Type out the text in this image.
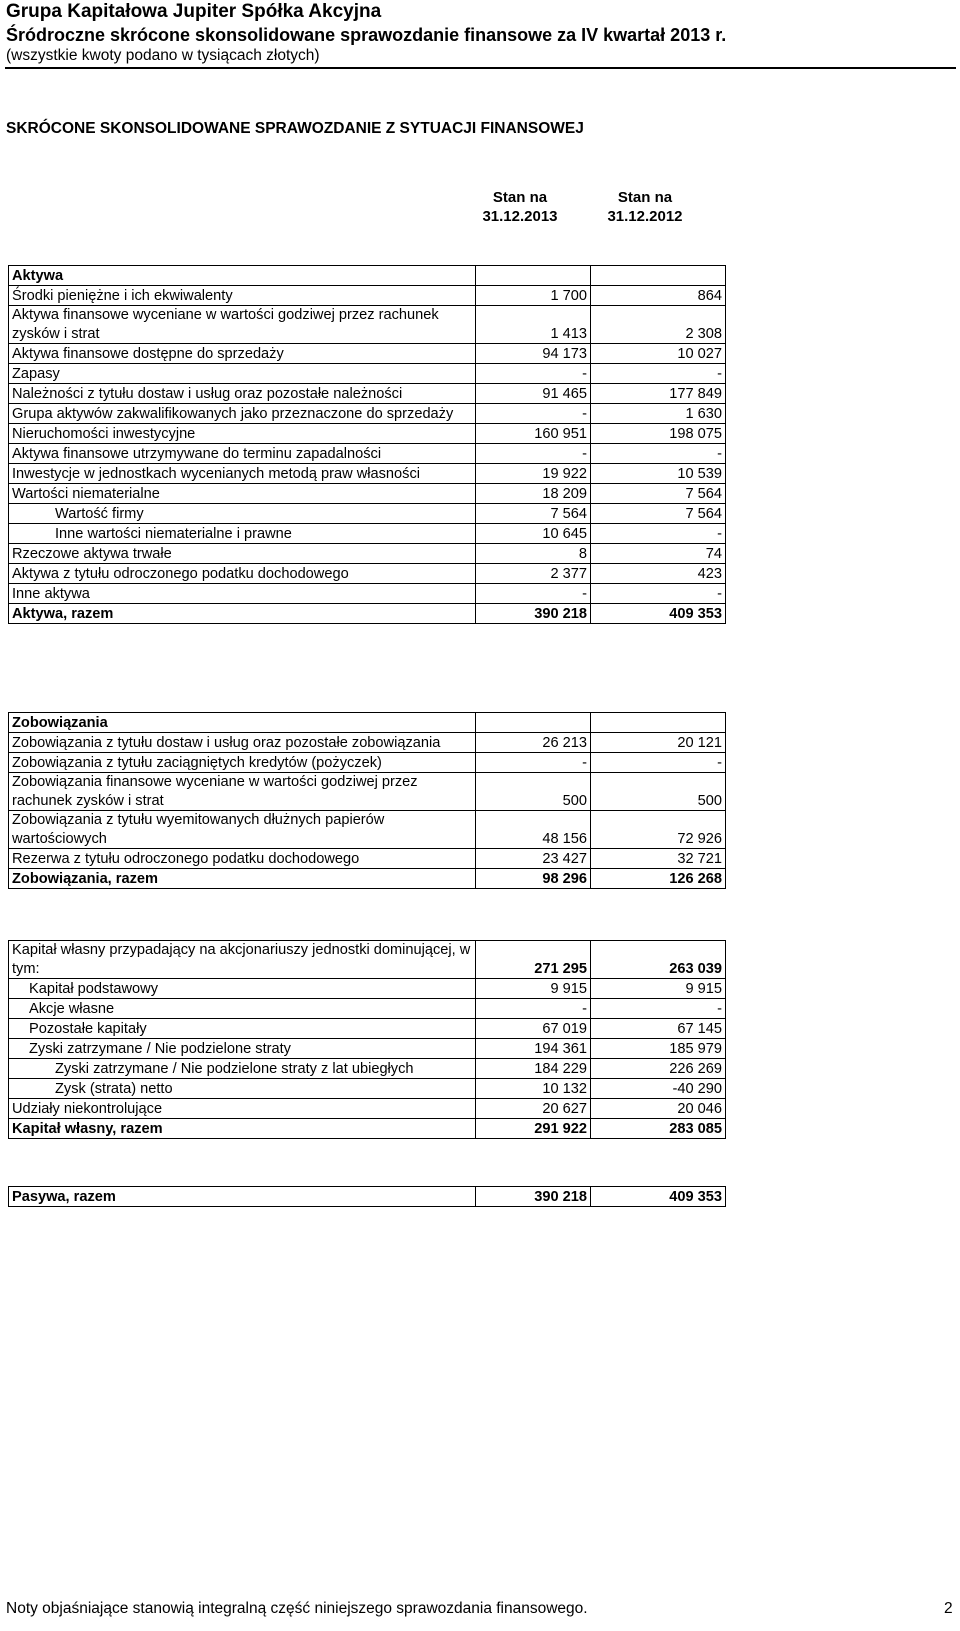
Grupa Kapitałowa Jupiter Spółka Akcyjna
Śródroczne skrócone skonsolidowane sprawozdanie finansowe za IV kwartał 2013 r.
(wszystkie kwoty podano w tysiącach złotych)
SKRÓCONE SKONSOLIDOWANE SPRAWOZDANIE Z SYTUACJI FINANSOWEJ
Stan na
31.12.2013
Stan na
31.12.2012
Aktywa		
Środki pieniężne i ich ekwiwalenty	1 700	864
Aktywa finansowe wyceniane w wartości godziwej przez rachunek zysków i strat	1 413	2 308
Aktywa finansowe dostępne do sprzedaży	94 173	10 027
Zapasy	-	-
Należności z tytułu dostaw i usług oraz pozostałe należności	91 465	177 849
Grupa aktywów zakwalifikowanych jako przeznaczone do sprzedaży	-	1 630
Nieruchomości inwestycyjne	160 951	198 075
Aktywa finansowe utrzymywane do terminu zapadalności	-	-
Inwestycje w jednostkach wycenianych metodą praw własności	19 922	10 539
Wartości niematerialne	18 209	7 564
Wartość firmy	7 564	7 564
Inne wartości niematerialne i prawne	10 645	-
Rzeczowe aktywa trwałe	8	74
Aktywa z tytułu odroczonego podatku dochodowego	2 377	423
Inne aktywa	-	-
Aktywa, razem	390 218	409 353
Zobowiązania		
Zobowiązania z tytułu dostaw i usług oraz pozostałe zobowiązania	26 213	20 121
Zobowiązania z tytułu zaciągniętych kredytów (pożyczek)	-	-
Zobowiązania finansowe wyceniane w wartości godziwej przez rachunek zysków i strat	500	500
Zobowiązania z tytułu wyemitowanych dłużnych papierów wartościowych	48 156	72 926
Rezerwa z tytułu odroczonego podatku dochodowego	23 427	32 721
Zobowiązania, razem	98 296	126 268
Kapitał własny przypadający na akcjonariuszy jednostki dominującej, w tym:	271 295	263 039
Kapitał podstawowy	9 915	9 915
Akcje własne	-	-
Pozostałe kapitały	67 019	67 145
Zyski zatrzymane / Nie podzielone straty	194 361	185 979
Zyski zatrzymane / Nie podzielone straty z lat ubiegłych	184 229	226 269
Zysk (strata) netto	10 132	-40 290
Udziały niekontrolujące	20 627	20 046
Kapitał własny, razem	291 922	283 085
Pasywa, razem	390 218	409 353
Noty objaśniające stanowią integralną część niniejszego sprawozdania finansowego.	2
